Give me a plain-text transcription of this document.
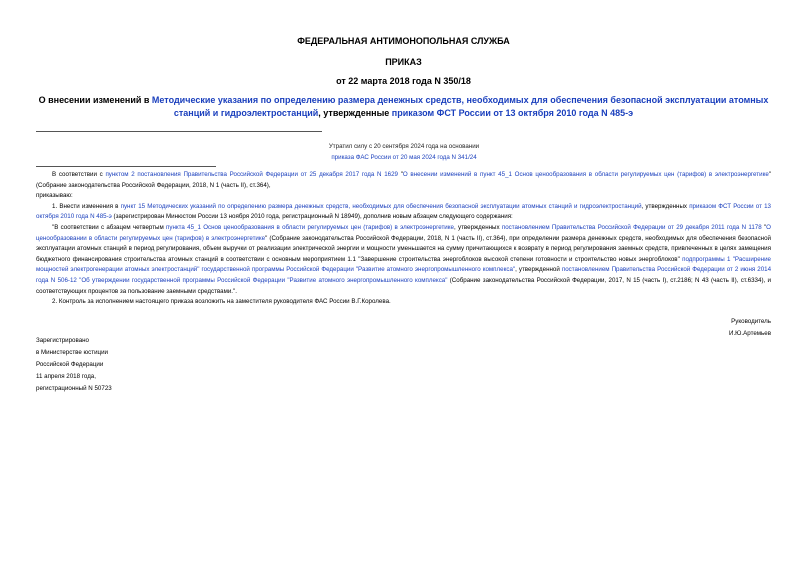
ФЕДЕРАЛЬНАЯ АНТИМОНОПОЛЬНАЯ СЛУЖБА
ПРИКАЗ
от 22 марта 2018 года N 350/18
О внесении изменений в Методические указания по определению размера денежных средств, необходимых для обеспечения безопасной эксплуатации атомных станций и гидроэлектростанций, утвержденные приказом ФСТ России от 13 октября 2010 года N 485-э
Утратил силу с 20 сентября 2024 года на основании
приказа ФАС России от 20 мая 2024 года N 341/24

В соответствии с пунктом 2 постановления Правительства Российской Федерации от 25 декабря 2017 года N 1629 "О внесении изменений в пункт 45_1 Основ ценообразования в области регулируемых цен (тарифов) в электроэнергетике" (Собрание законодательства Российской Федерации, 2018, N 1 (часть II), ст.364),

приказываю:

1. Внести изменения в пункт 15 Методических указаний по определению размера денежных средств, необходимых для обеспечения безопасной эксплуатации атомных станций и гидроэлектростанций, утвержденных приказом ФСТ России от 13 октября 2010 года N 485-э (зарегистрирован Минюстом России 13 ноября 2010 года, регистрационный N 18949), дополнив новым абзацем следующего содержания:

"В соответствии с абзацем четвертым пункта 45_1 Основ ценообразования в области регулируемых цен (тарифов) в электроэнергетике, утвержденных постановлением Правительства Российской Федерации от 29 декабря 2011 года N 1178 "О ценообразовании в области регулируемых цен (тарифов) в электроэнергетике" (Собрание законодательства Российской Федерации, 2018, N 1 (часть II), ст.364), при определении размера денежных средств, необходимых для обеспечения безопасной эксплуатации атомных станций в период регулирования, объем выручки от реализации электрической энергии и мощности уменьшается на сумму причитающихся к возврату в период регулирования заемных средств, привлеченных в целях замещения бюджетного финансирования строительства атомных станций в соответствии с основным мероприятием 1.1 "Завершение строительства энергоблоков высокой степени готовности и строительство новых энергоблоков" подпрограммы 1 "Расширение мощностей электрогенерации атомных электростанций" государственной программы Российской Федерации "Развитие атомного энергопромышленного комплекса", утвержденной постановлением Правительства Российской Федерации от 2 июня 2014 года N 506-12 "Об утверждении государственной программы Российской Федерации "Развитие атомного энергопромышленного комплекса" (Собрание законодательства Российской Федерации, 2017, N 15 (часть I), ст.2186; N 43 (часть II), ст.6334), и соответствующих процентов за пользование заемными средствами.".

2. Контроль за исполнением настоящего приказа возложить на заместителя руководителя ФАС России В.Г.Королева.

Руководитель
И.Ю.Артемьев
Зарегистрировано
в Министерстве юстиции
Российской Федерации
11 апреля 2018 года,
регистрационный N 50723
